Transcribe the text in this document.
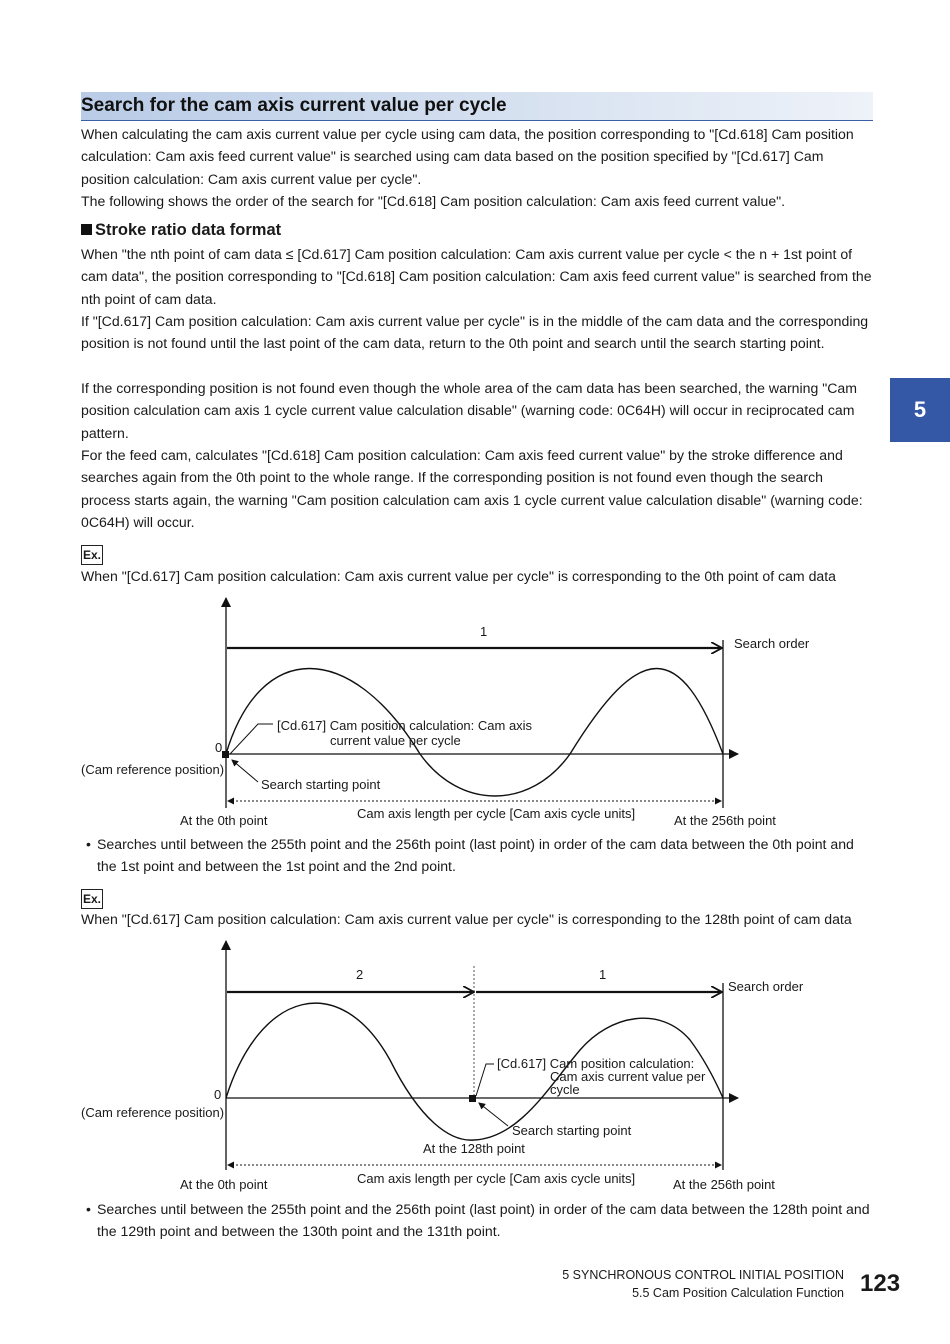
Search for the cam axis current value per cycle

When calculating the cam axis current value per cycle using cam data, the position corresponding to "[Cd.618] Cam position calculation: Cam axis feed current value" is searched using cam data based on the position specified by "[Cd.617] Cam position calculation: Cam axis current value per cycle".

The following shows the order of the search for "[Cd.618] Cam position calculation: Cam axis feed current value".

Stroke ratio data format

When "the nth point of cam data ≤ [Cd.617] Cam position calculation: Cam axis current value per cycle < the n + 1st point of cam data", the position corresponding to "[Cd.618] Cam position calculation: Cam axis feed current value" is searched from the nth point of cam data.

If "[Cd.617] Cam position calculation: Cam axis current value per cycle" is in the middle of the cam data and the corresponding position is not found until the last point of the cam data, return to the 0th point and search until the search starting point.

If the corresponding position is not found even though the whole area of the cam data has been searched, the warning "Cam position calculation cam axis 1 cycle current value calculation disable" (warning code: 0C64H) will occur in reciprocated cam pattern.

For the feed cam, calculates "[Cd.618] Cam position calculation: Cam axis feed current value" by the stroke difference and searches again from the 0th point to the whole range. If the corresponding position is not found even though the search process starts again, the warning "Cam position calculation cam axis 1 cycle current value calculation disable" (warning code: 0C64H) will occur.

5
Ex.

When "[Cd.617] Cam position calculation: Cam axis current value per cycle" is corresponding to the 0th point of cam data

1
Search order
[Cd.617] Cam position calculation: Cam axis
current value per cycle
0
(Cam reference position)
Search starting point
Cam axis length per cycle [Cam axis cycle units]
At the 0th point	At the 256th point
• Searches until between the 255th point and the 256th point (last point) in order of the cam data between the 0th point and the 1st point and between the 1st point and the 2nd point.
Ex.

When "[Cd.617] Cam position calculation: Cam axis current value per cycle" is corresponding to the 128th point of cam data

2	1
Search order
[Cd.617] Cam position calculation:
Cam axis current value per
cycle
0
(Cam reference position)
Search starting point
At the 128th point
Cam axis length per cycle [Cam axis cycle units]
At the 0th point	At the 256th point
• Searches until between the 255th point and the 256th point (last point) in order of the cam data between the 128th point and the 129th point and between the 130th point and the 131th point.
5 SYNCHRONOUS CONTROL INITIAL POSITION
5.5 Cam Position Calculation Function 123
